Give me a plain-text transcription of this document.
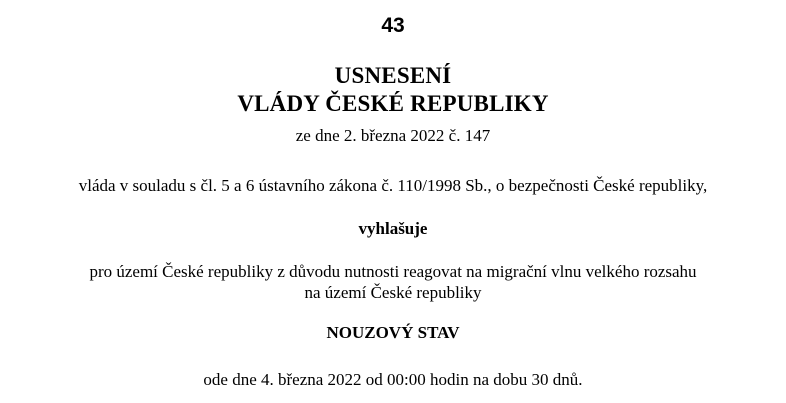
43

USNESENÍ
VLÁDY ČESKÉ REPUBLIKY

ze dne 2. března 2022 č. 147

vláda v souladu s čl. 5 a 6 ústavního zákona č. 110/1998 Sb., o bezpečnosti České republiky,

vyhlašuje

pro území České republiky z důvodu nutnosti reagovat na migrační vlnu velkého rozsahu

na území České republiky

NOUZOVÝ STAV

ode dne 4. března 2022 od 00:00 hodin na dobu 30 dnů.
